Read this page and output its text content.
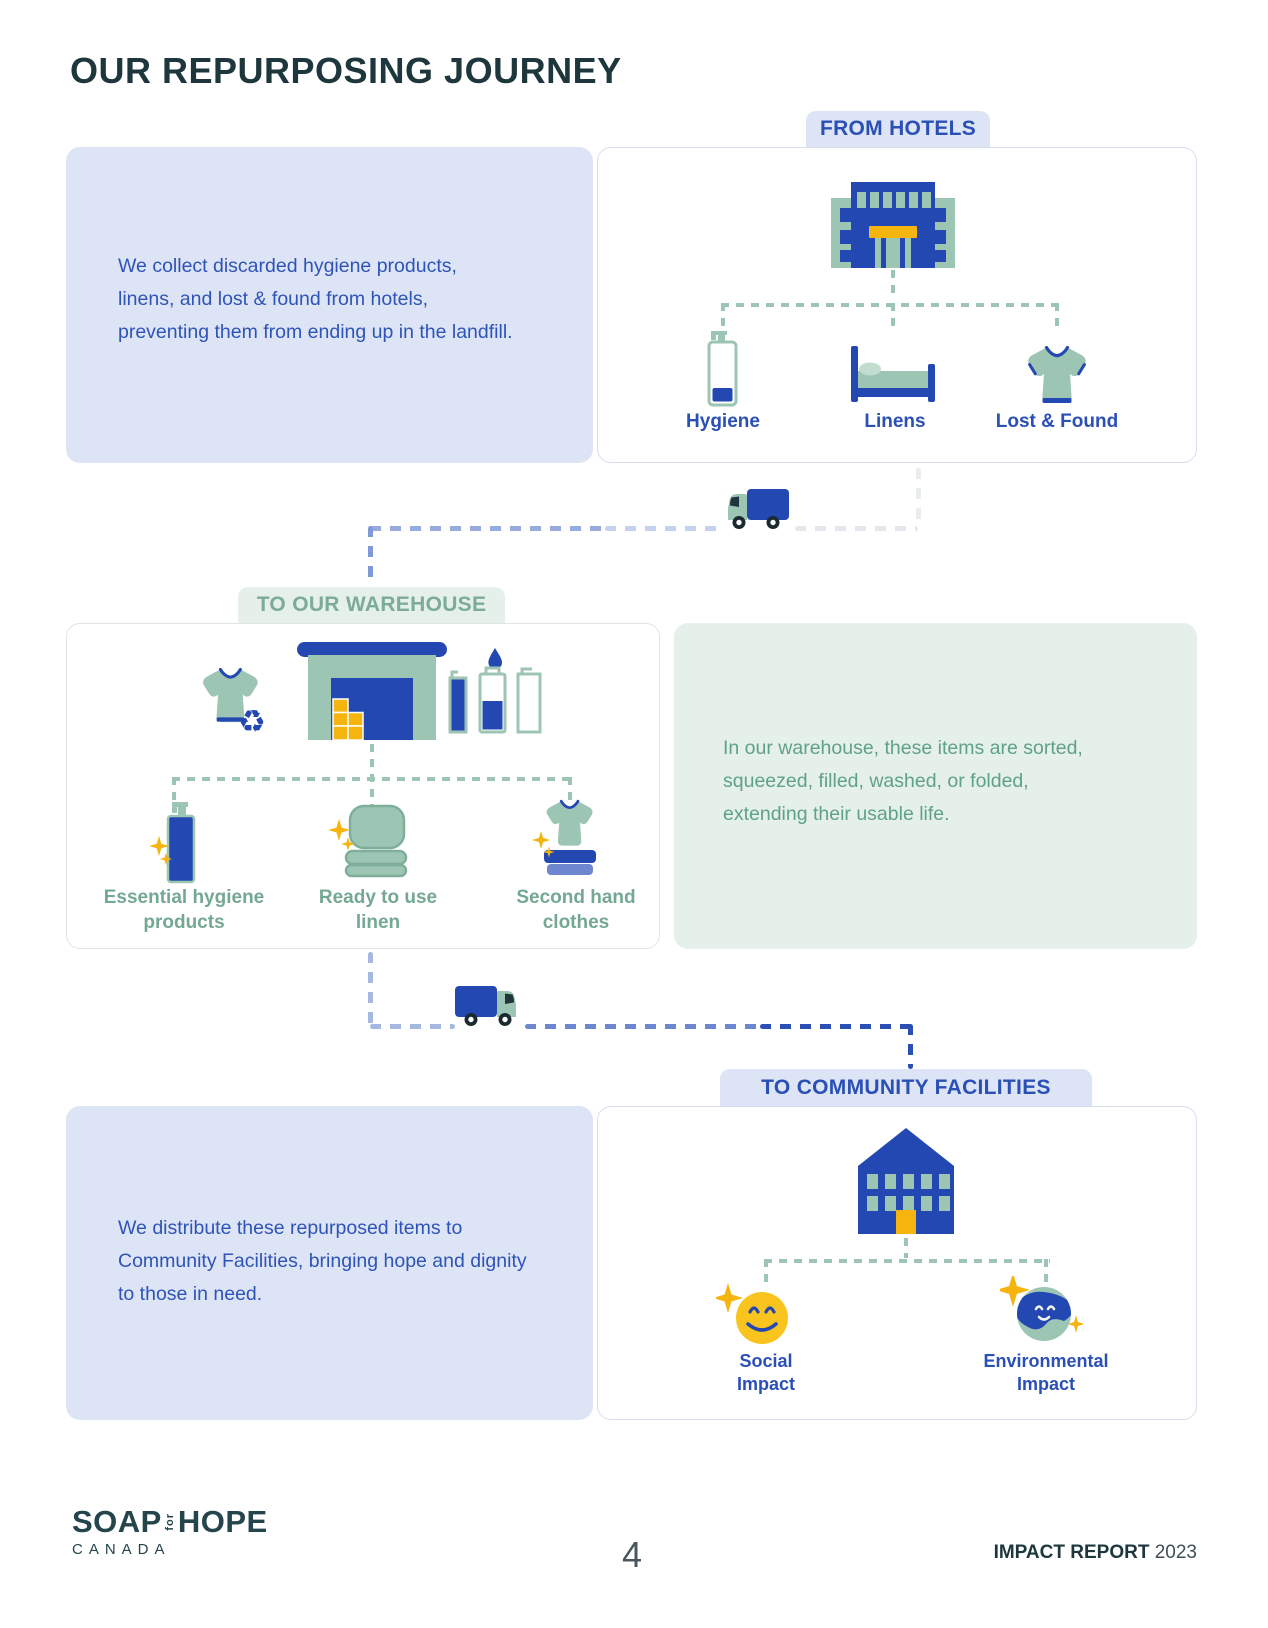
OUR REPURPOSING JOURNEY
FROM HOTELS

We collect discarded hygiene products, linens, and lost & found from hotels, preventing them from ending up in the landfill.

Hygiene	Linens	Lost & Found
TO OUR WAREHOUSE

In our warehouse, these items are sorted, squeezed, filled, washed, or folded, extending their usable life.

♻
Essential hygiene products
Ready to use linen
Second hand clothes
TO COMMUNITY FACILITIES

We distribute these repurposed items to Community Facilities, bringing hope and dignity to those in need.

Social Impact
Environmental Impact
SOAP for HOPE
CANADA	4	IMPACT REPORT 2023
